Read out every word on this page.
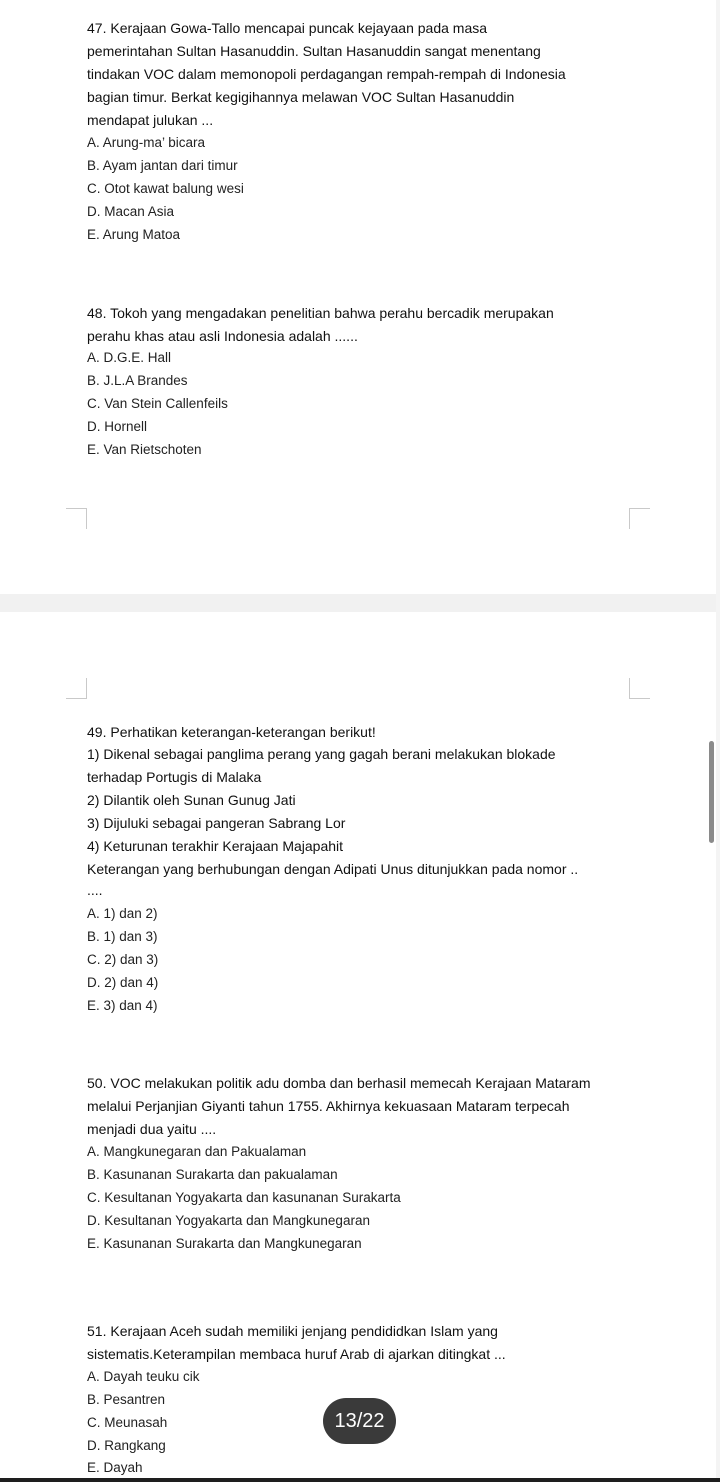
47. Kerajaan Gowa-Tallo mencapai puncak kejayaan pada masa
pemerintahan Sultan Hasanuddin. Sultan Hasanuddin sangat menentang
tindakan VOC dalam memonopoli perdagangan rempah-rempah di Indonesia
bagian timur. Berkat kegigihannya melawan VOC Sultan Hasanuddin
mendapat julukan ...
A. Arung-ma’ bicara
B. Ayam jantan dari timur
C. Otot kawat balung wesi
D. Macan Asia
E. Arung Matoa
48. Tokoh yang mengadakan penelitian bahwa perahu bercadik merupakan
perahu khas atau asli Indonesia adalah ......
A. D.G.E. Hall
B. J.L.A Brandes
C. Van Stein Callenfeils
D. Hornell
E. Van Rietschoten
49. Perhatikan keterangan-keterangan berikut!
1) Dikenal sebagai panglima perang yang gagah berani melakukan blokade
terhadap Portugis di Malaka
2) Dilantik oleh Sunan Gunug Jati
3) Dijuluki sebagai pangeran Sabrang Lor
4) Keturunan terakhir Kerajaan Majapahit
Keterangan yang berhubungan dengan Adipati Unus ditunjukkan pada nomor ..
....
A. 1) dan 2)
B. 1) dan 3)
C. 2) dan 3)
D. 2) dan 4)
E. 3) dan 4)
50. VOC melakukan politik adu domba dan berhasil memecah Kerajaan Mataram
melalui Perjanjian Giyanti tahun 1755. Akhirnya kekuasaan Mataram terpecah
menjadi dua yaitu ....
A. Mangkunegaran dan Pakualaman
B. Kasunanan Surakarta dan pakualaman
C. Kesultanan Yogyakarta dan kasunanan Surakarta
D. Kesultanan Yogyakarta dan Mangkunegaran
E. Kasunanan Surakarta dan Mangkunegaran
51. Kerajaan Aceh sudah memiliki jenjang pendididkan Islam yang
sistematis.Keterampilan membaca huruf Arab di ajarkan ditingkat ...
A. Dayah teuku cik
B. Pesantren
C. Meunasah
D. Rangkang
E. Dayah
13/22
